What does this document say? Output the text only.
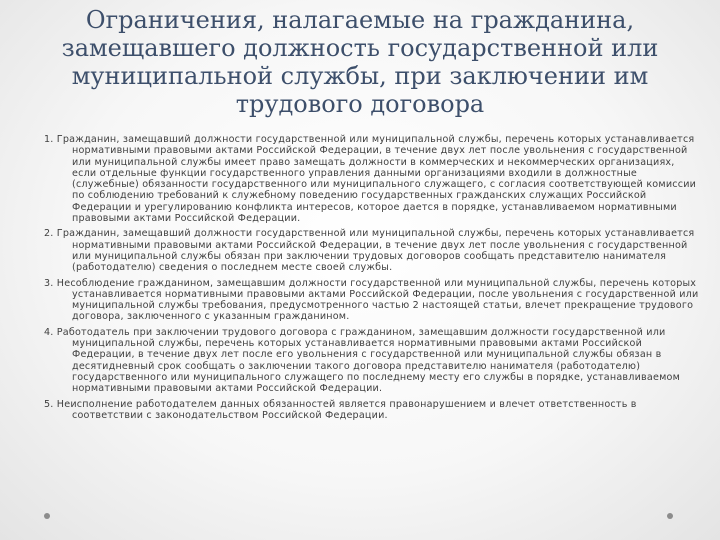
Ограничения, налагаемые на гражданина, замещавшего должность государственной или муниципальной службы, при заключении им трудового договора
1. Гражданин, замещавший должности государственной или муниципальной службы, перечень которых устанавливается нормативными правовыми актами Российской Федерации, в течение двух лет после увольнения с государственной или муниципальной службы имеет право замещать должности в коммерческих и некоммерческих организациях, если отдельные функции государственного управления данными организациями входили в должностные (служебные) обязанности государственного или муниципального служащего, с согласия соответствующей комиссии по соблюдению требований к служебному поведению государственных гражданских служащих Российской Федерации и урегулированию конфликта интересов, которое дается в порядке, устанавливаемом нормативными правовыми актами Российской Федерации.
2. Гражданин, замещавший должности государственной или муниципальной службы, перечень которых устанавливается нормативными правовыми актами Российской Федерации, в течение двух лет после увольнения с государственной или муниципальной службы обязан при заключении трудовых договоров сообщать представителю нанимателя (работодателю) сведения о последнем месте своей службы.
3. Несоблюдение гражданином, замещавшим должности государственной или муниципальной службы, перечень которых устанавливается нормативными правовыми актами Российской Федерации, после увольнения с государственной или муниципальной службы требования, предусмотренного частью 2 настоящей статьи, влечет прекращение трудового договора, заключенного с указанным гражданином.
4. Работодатель при заключении трудового договора с гражданином, замещавшим должности государственной или муниципальной службы, перечень которых устанавливается нормативными правовыми актами Российской Федерации, в течение двух лет после его увольнения с государственной или муниципальной службы обязан в десятидневный срок сообщать о заключении такого договора представителю нанимателя (работодателю) государственного или муниципального служащего по последнему месту его службы в порядке, устанавливаемом нормативными правовыми актами Российской Федерации.
5. Неисполнение работодателем данных обязанностей является правонарушением и влечет ответственность в соответствии с законодательством Российской Федерации.
